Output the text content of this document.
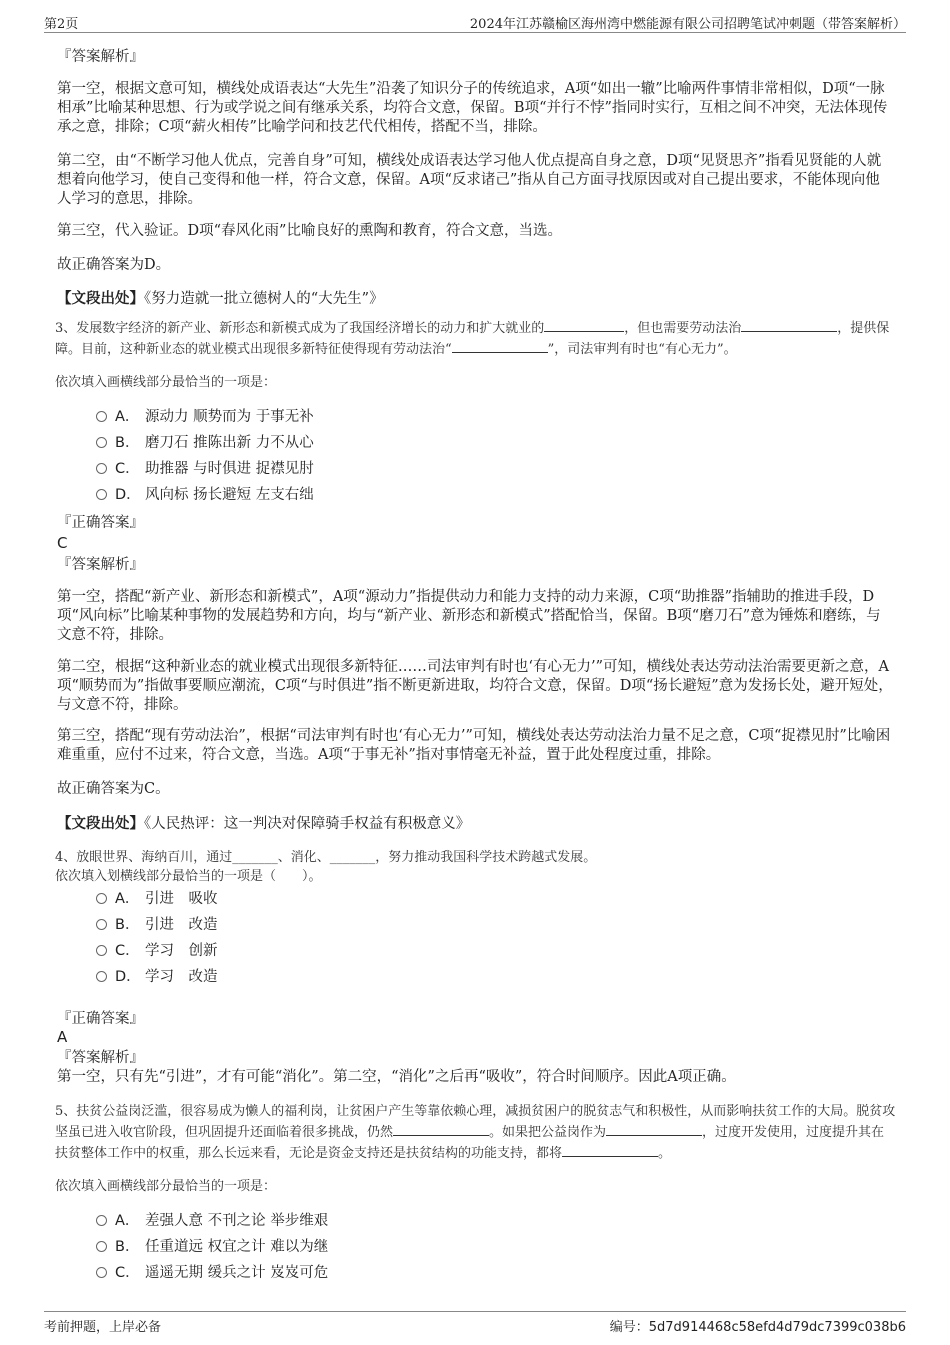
第2页	2024年江苏赣榆区海州湾中燃能源有限公司招聘笔试冲刺题（带答案解析）
『答案解析』
第一空，根据文意可知，横线处成语表达“大先生”沿袭了知识分子的传统追求，A项“如出一辙”比喻两件事情非常相似，D项“一脉相承”比喻某种思想、行为或学说之间有继承关系，均符合文意，保留。B项“并行不悖”指同时实行，互相之间不冲突，无法体现传承之意，排除；C项“薪火相传”比喻学问和技艺代代相传，搭配不当，排除。
第二空，由“不断学习他人优点，完善自身”可知，横线处成语表达学习他人优点提高自身之意，D项“见贤思齐”指看见贤能的人就想着向他学习，使自己变得和他一样，符合文意，保留。A项“反求诸己”指从自己方面寻找原因或对自己提出要求，不能体现向他人学习的意思，排除。
第三空，代入验证。D项“春风化雨”比喻良好的熏陶和教育，符合文意，当选。
故正确答案为D。
【文段出处】《努力造就一批立德树人的“大先生”》
3、发展数字经济的新产业、新形态和新模式成为了我国经济增长的动力和扩大就业的	，但也需要劳动法治	，提供保障。目前，这种新业态的就业模式出现很多新特征使得现有劳动法治“	”，司法审判有时也“有心无力”。
依次填入画横线部分最恰当的一项是：
A． 源动力 顺势而为 于事无补
B． 磨刀石 推陈出新 力不从心
C． 助推器 与时俱进 捉襟见肘
D． 风向标 扬长避短 左支右绌
『正确答案』
C
『答案解析』
第一空，搭配“新产业、新形态和新模式”，A项“源动力”指提供动力和能力支持的动力来源，C项“助推器”指辅助的推进手段，D项“风向标”比喻某种事物的发展趋势和方向，均与“新产业、新形态和新模式”搭配恰当，保留。B项“磨刀石”意为锤炼和磨练，与文意不符，排除。
第二空，根据“这种新业态的就业模式出现很多新特征……司法审判有时也‘有心无力’”可知，横线处表达劳动法治需要更新之意，A项“顺势而为”指做事要顺应潮流，C项“与时俱进”指不断更新进取，均符合文意，保留。D项“扬长避短”意为发扬长处，避开短处，与文意不符，排除。
第三空，搭配“现有劳动法治”，根据“司法审判有时也‘有心无力’”可知，横线处表达劳动法治力量不足之意，C项“捉襟见肘”比喻困难重重，应付不过来，符合文意，当选。A项“于事无补”指对事情毫无补益，置于此处程度过重，排除。
故正确答案为C。
【文段出处】《人民热评：这一判决对保障骑手权益有积极意义》
4、放眼世界、海纳百川，通过_______、消化、_______，努力推动我国科学技术跨越式发展。
依次填入划横线部分最恰当的一项是（　　）。
A． 引进　吸收
B． 引进　改造
C． 学习　创新
D． 学习　改造
『正确答案』
A
『答案解析』
第一空，只有先“引进”，才有可能“消化”。第二空，“消化”之后再“吸收”，符合时间顺序。因此A项正确。
5、扶贫公益岗泛滥，很容易成为懒人的福利岗，让贫困户产生等靠依赖心理，减损贫困户的脱贫志气和积极性，从而影响扶贫工作的大局。脱贫攻坚虽已进入收官阶段，但巩固提升还面临着很多挑战，仍然	。如果把公益岗作为	，过度开发使用，过度提升其在扶贫整体工作中的权重，那么长远来看，无论是资金支持还是扶贫结构的功能支持，都将	。
依次填入画横线部分最恰当的一项是：
A． 差强人意 不刊之论 举步维艰
B． 任重道远 权宜之计 难以为继
C． 遥遥无期 缓兵之计 岌岌可危
考前押题，上岸必备	编号：5d7d914468c58efd4d79dc7399c038b6
